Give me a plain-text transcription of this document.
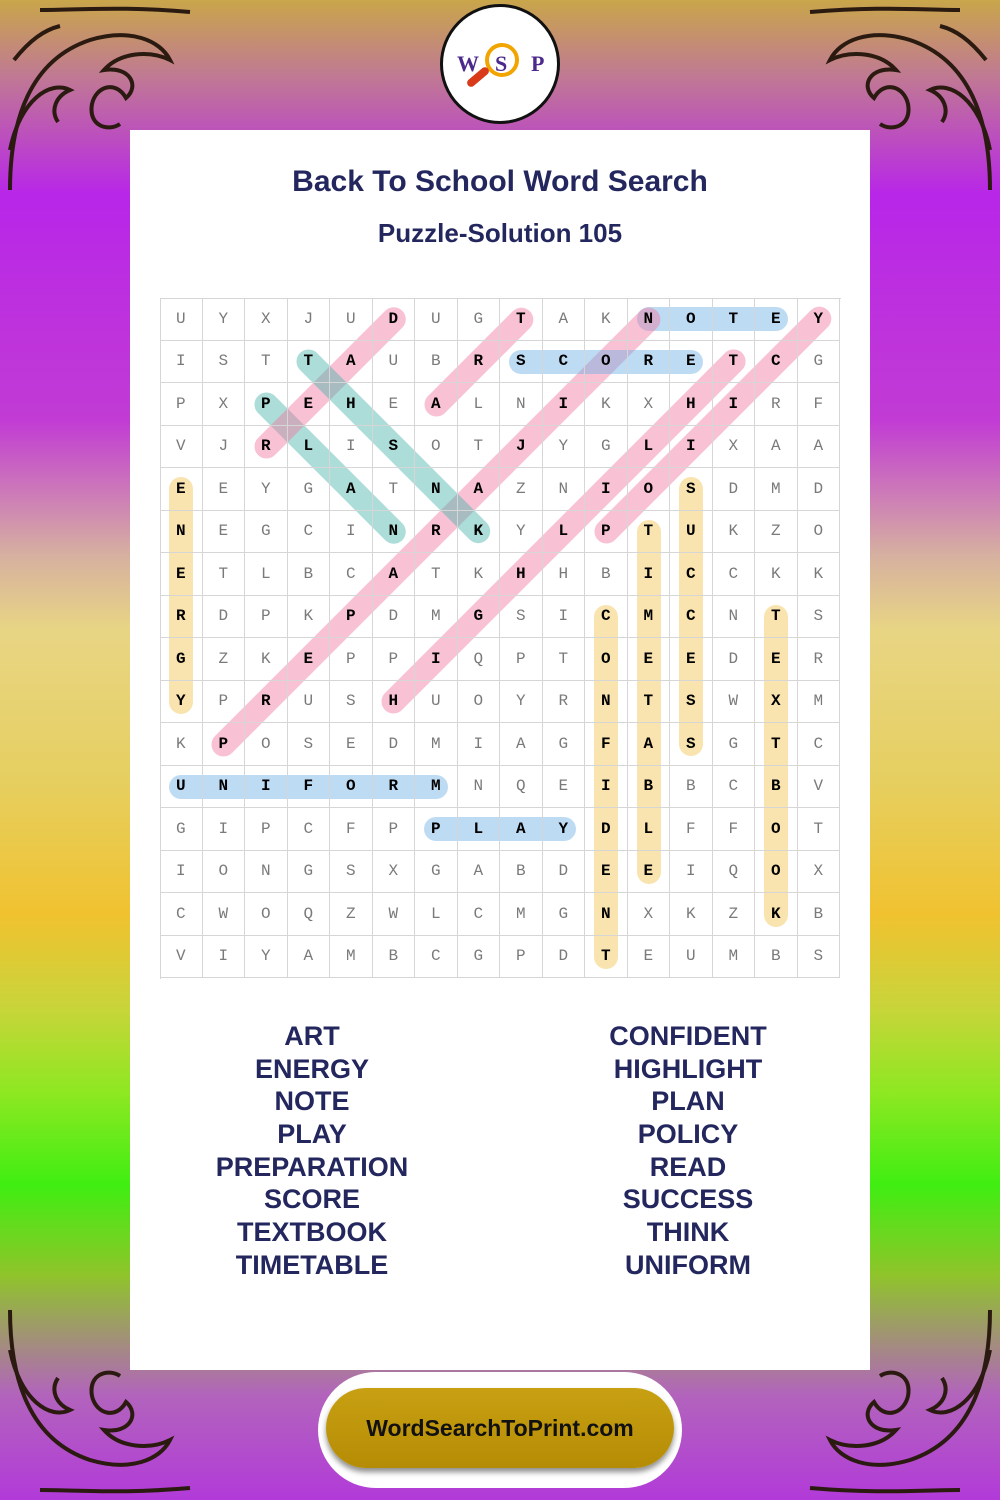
W S P
Back To School Word Search
Puzzle-Solution 105
U	Y	X	J	U	D	U	G	T	A	K	N	O	T	E	Y
I	S	T	T	A	U	B	R	S	C	O	R	E	T	C	G
P	X	P	E	H	E	A	L	N	I	K	X	H	I	R	F
V	J	R	L	I	S	O	T	J	Y	G	L	I	X	A	A
E	E	Y	G	A	T	N	A	Z	N	I	O	S	D	M	D
N	E	G	C	I	N	R	K	Y	L	P	T	U	K	Z	O
E	T	L	B	C	A	T	K	H	H	B	I	C	C	K	K
R	D	P	K	P	D	M	G	S	I	C	M	C	N	T	S
G	Z	K	E	P	P	I	Q	P	T	O	E	E	D	E	R
Y	P	R	U	S	H	U	O	Y	R	N	T	S	W	X	M
K	P	O	S	E	D	M	I	A	G	F	A	S	G	T	C
U	N	I	F	O	R	M	N	Q	E	I	B	B	C	B	V
G	I	P	C	F	P	P	L	A	Y	D	L	F	F	O	T
I	O	N	G	S	X	G	A	B	D	E	E	I	Q	O	X
C	W	O	Q	Z	W	L	C	M	G	N	X	K	Z	K	B
V	I	Y	A	M	B	C	G	P	D	T	E	U	M	B	S
ART
ENERGY
NOTE
PLAY
PREPARATION
SCORE
TEXTBOOK
TIMETABLE
CONFIDENT
HIGHLIGHT
PLAN
POLICY
READ
SUCCESS
THINK
UNIFORM
WordSearchToPrint.com
